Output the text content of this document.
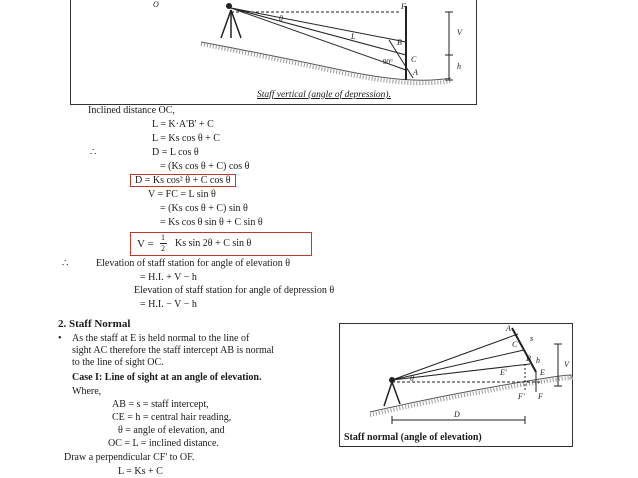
O	F
L
θ
B
C
A
90°
V
h
Staff vertical (angle of depression).
Inclined distance OC,
L = K·A'B' + C
L = Ks cos θ + C
∴	D = L cos θ
= (Ks cos θ + C) cos θ
D = Ks cos² θ + C cos θ
V = FC = L sin θ
= (Ks cos θ + C) sin θ
= Ks cos θ sin θ + C sin θ
V =
1
2 Ks sin 2θ + C sin θ
∴	Elevation of staff station for angle of elevation θ
= H.I. + V − h
Elevation of staff station for angle of depression θ
= H.I. − V − h
2. Staff Normal
• As the staff at E is held normal to the line of
sight AC therefore the staff intercept AB is normal
to the line of sight OC.
Case I: Line of sight at an angle of elevation.
Where,
AB = s = staff intercept,
CE = h = central hair reading,
θ = angle of elevation, and
OC = L = inclined distance.
Draw a perpendicular CF' to OF.
L = Ks + C
A
s
C
B h
E'	E
θ
F' F
D
V
Staff normal (angle of elevation)
